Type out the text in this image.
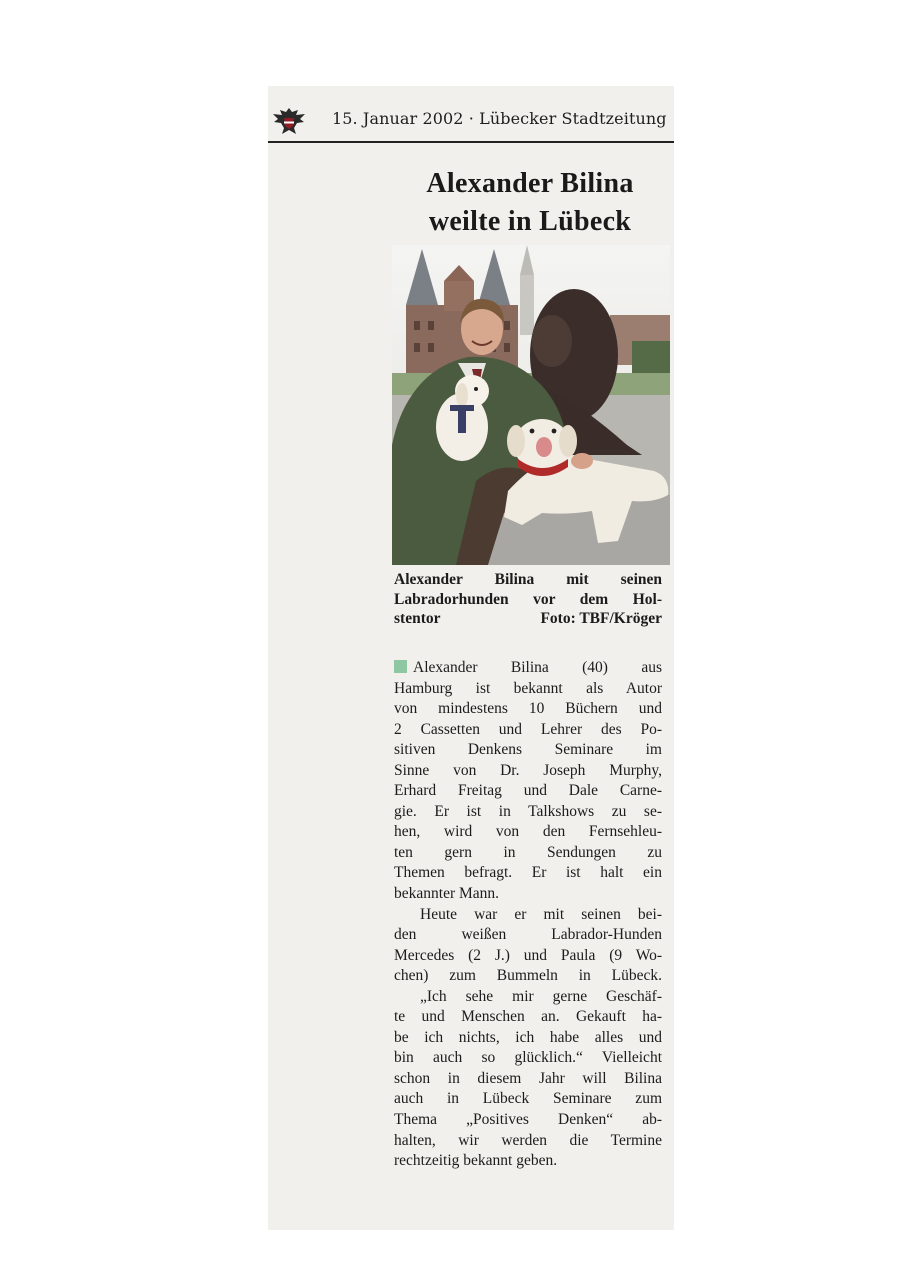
15. Januar 2002 · Lübecker Stadtzeitung
Alexander Bilina
weilte in Lübeck
Alexander Bilina mit seinen
Labradorhunden vor dem Hol-
stentor	Foto: TBF/Kröger
Alexander Bilina (40) aus
Hamburg ist bekannt als Autor
von mindestens 10 Büchern und
2 Cassetten und Lehrer des Po-
sitiven Denkens Seminare im
Sinne von Dr. Joseph Murphy,
Erhard Freitag und Dale Carne-
gie. Er ist in Talkshows zu se-
hen, wird von den Fernsehleu-
ten gern in Sendungen zu
Themen befragt. Er ist halt ein
bekannter Mann.
Heute war er mit seinen bei-
den weißen Labrador-Hunden
Mercedes (2 J.) und Paula (9 Wo-
chen) zum Bummeln in Lübeck.
„Ich sehe mir gerne Geschäf-
te und Menschen an. Gekauft ha-
be ich nichts, ich habe alles und
bin auch so glücklich.“ Vielleicht
schon in diesem Jahr will Bilina
auch in Lübeck Seminare zum
Thema „Positives Denken“ ab-
halten, wir werden die Termine
rechtzeitig bekannt geben.
